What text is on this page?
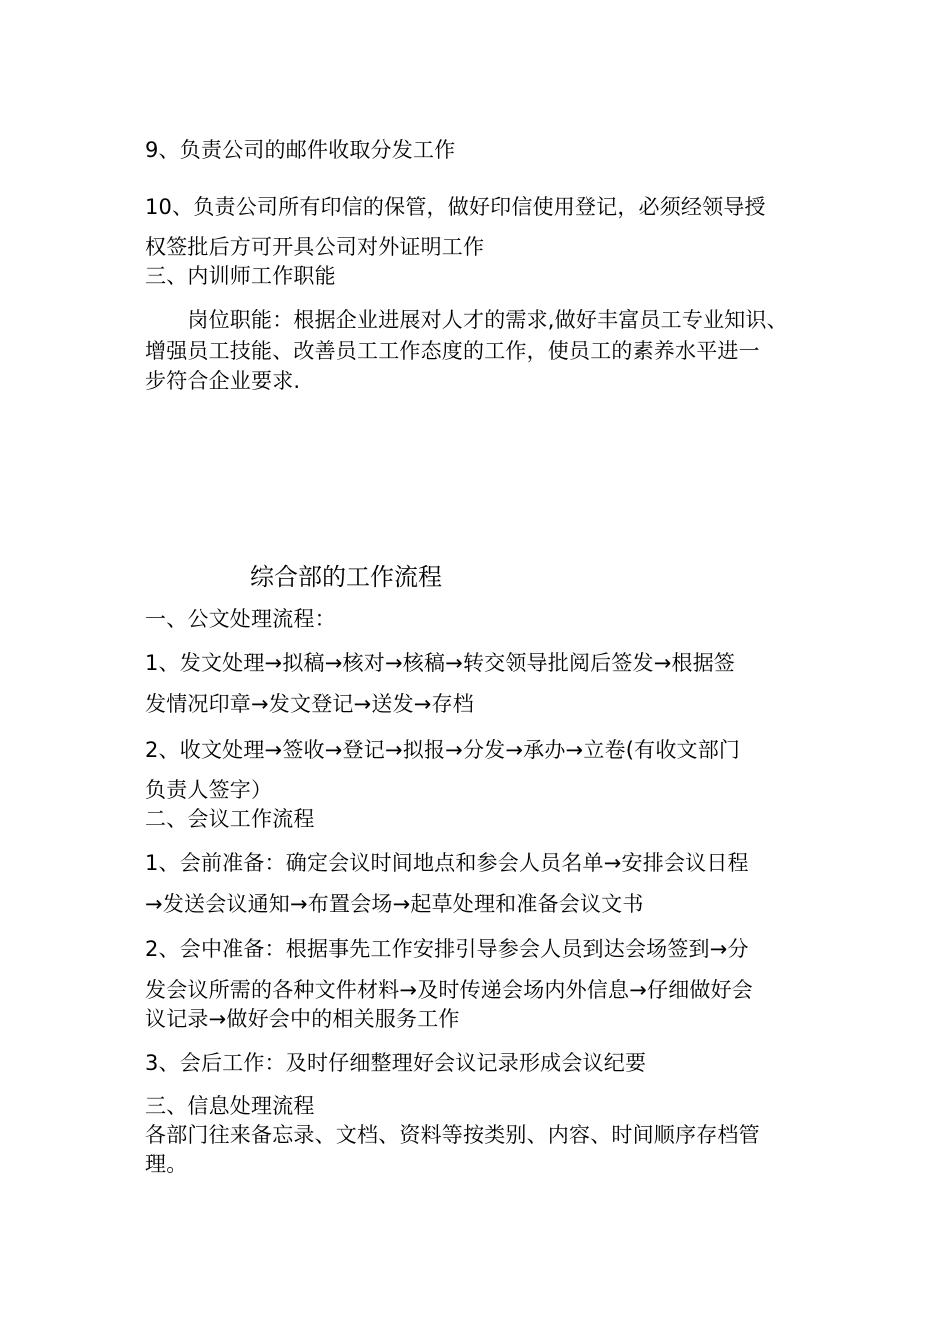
9、负责公司的邮件收取分发工作
10、负责公司所有印信的保管，做好印信使用登记，必须经领导授
权签批后方可开具公司对外证明工作
三、内训师工作职能
　　岗位职能：根据企业进展对人才的需求,做好丰富员工专业知识、
增强员工技能、改善员工工作态度的工作，使员工的素养水平进一
步符合企业要求.
综合部的工作流程
一、公文处理流程：
1、发文处理→拟稿→核对→核稿→转交领导批阅后签发→根据签
发情况印章→发文登记→送发→存档
2、收文处理→签收→登记→拟报→分发→承办→立卷(有收文部门
负责人签字）
二、会议工作流程
1、会前准备：确定会议时间地点和参会人员名单→安排会议日程
→发送会议通知→布置会场→起草处理和准备会议文书
2、会中准备：根据事先工作安排引导参会人员到达会场签到→分
发会议所需的各种文件材料→及时传递会场内外信息→仔细做好会
议记录→做好会中的相关服务工作
3、会后工作：及时仔细整理好会议记录形成会议纪要
三、信息处理流程
各部门往来备忘录、文档、资料等按类别、内容、时间顺序存档管
理。
